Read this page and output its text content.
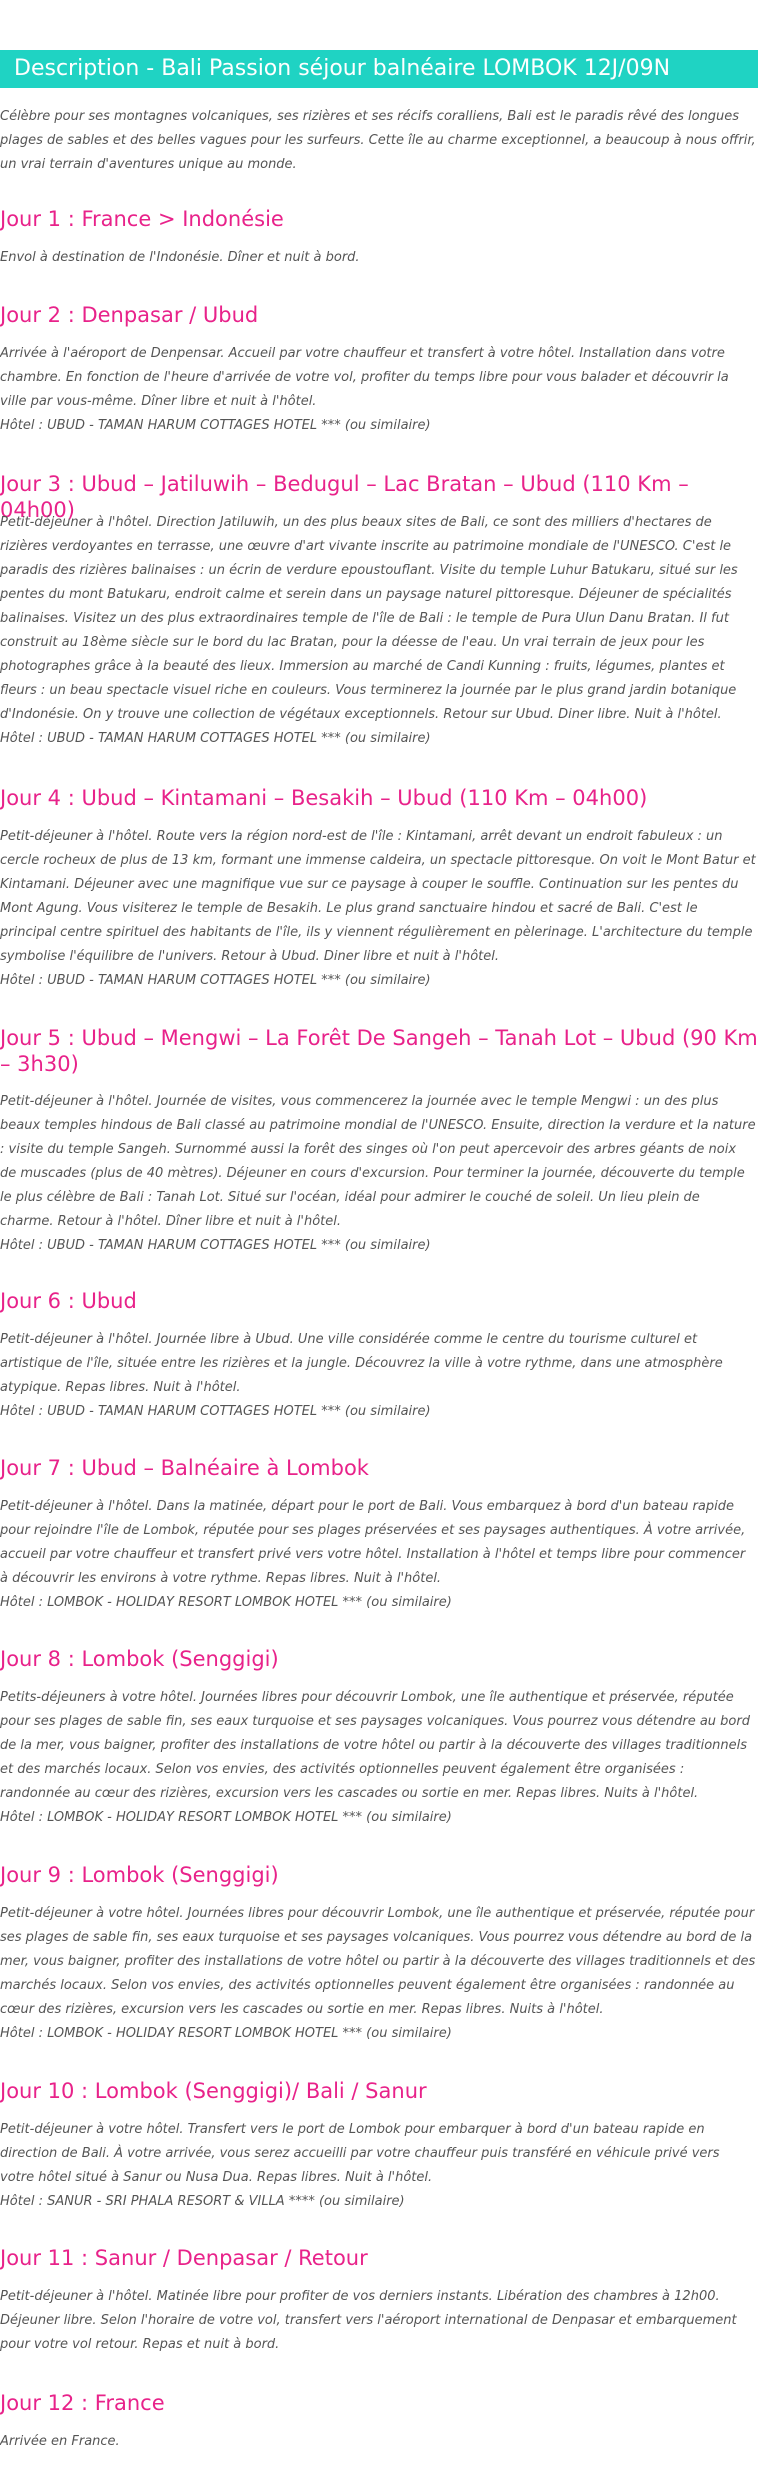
Description - Bali Passion séjour balnéaire LOMBOK 12J/09N

Célèbre pour ses montagnes volcaniques, ses rizières et ses récifs coralliens, Bali est le paradis rêvé des longues plages de sables et des belles vagues pour les surfeurs. Cette île au charme exceptionnel, a beaucoup à nous offrir, un vrai terrain d'aventures unique au monde.

Jour 1 : France > Indonésie

Envol à destination de l'Indonésie. Dîner et nuit à bord.

Jour 2 : Denpasar / Ubud

Arrivée à l'aéroport de Denpensar. Accueil par votre chauffeur et transfert à votre hôtel. Installation dans votre chambre. En fonction de l'heure d'arrivée de votre vol, profiter du temps libre pour vous balader et découvrir la ville par vous-même. Dîner libre et nuit à l'hôtel.
Hôtel : UBUD - TAMAN HARUM COTTAGES HOTEL *** (ou similaire)

Jour 3 : Ubud – Jatiluwih – Bedugul – Lac Bratan – Ubud (110 Km – 04h00)

Petit-déjeuner à l'hôtel. Direction Jatiluwih, un des plus beaux sites de Bali, ce sont des milliers d'hectares de rizières verdoyantes en terrasse, une œuvre d'art vivante inscrite au patrimoine mondiale de l'UNESCO. C'est le paradis des rizières balinaises : un écrin de verdure epoustouflant. Visite du temple Luhur Batukaru, situé sur les pentes du mont Batukaru, endroit calme et serein dans un paysage naturel pittoresque. Déjeuner de spécialités balinaises. Visitez un des plus extraordinaires temple de l'île de Bali : le temple de Pura Ulun Danu Bratan. Il fut construit au 18ème siècle sur le bord du lac Bratan, pour la déesse de l'eau. Un vrai terrain de jeux pour les photographes grâce à la beauté des lieux. Immersion au marché de Candi Kunning : fruits, légumes, plantes et fleurs : un beau spectacle visuel riche en couleurs. Vous terminerez la journée par le plus grand jardin botanique d'Indonésie. On y trouve une collection de végétaux exceptionnels. Retour sur Ubud. Diner libre. Nuit à l'hôtel.
Hôtel : UBUD - TAMAN HARUM COTTAGES HOTEL *** (ou similaire)

Jour 4 : Ubud – Kintamani – Besakih – Ubud (110 Km – 04h00)

Petit-déjeuner à l'hôtel. Route vers la région nord-est de l'île : Kintamani, arrêt devant un endroit fabuleux : un cercle rocheux de plus de 13 km, formant une immense caldeira, un spectacle pittoresque. On voit le Mont Batur et Kintamani. Déjeuner avec une magnifique vue sur ce paysage à couper le souffle. Continuation sur les pentes du Mont Agung. Vous visiterez le temple de Besakih. Le plus grand sanctuaire hindou et sacré de Bali. C'est le principal centre spirituel des habitants de l'île, ils y viennent régulièrement en pèlerinage. L'architecture du temple symbolise l'équilibre de l'univers. Retour à Ubud. Diner libre et nuit à l'hôtel.
Hôtel : UBUD - TAMAN HARUM COTTAGES HOTEL *** (ou similaire)

Jour 5 : Ubud – Mengwi – La Forêt De Sangeh – Tanah Lot – Ubud (90 Km – 3h30)

Petit-déjeuner à l'hôtel. Journée de visites, vous commencerez la journée avec le temple Mengwi : un des plus beaux temples hindous de Bali classé au patrimoine mondial de l'UNESCO. Ensuite, direction la verdure et la nature : visite du temple Sangeh. Surnommé aussi la forêt des singes où l'on peut apercevoir des arbres géants de noix de muscades (plus de 40 mètres). Déjeuner en cours d'excursion. Pour terminer la journée, découverte du temple le plus célèbre de Bali : Tanah Lot. Situé sur l'océan, idéal pour admirer le couché de soleil. Un lieu plein de charme. Retour à l'hôtel. Dîner libre et nuit à l'hôtel.
Hôtel : UBUD - TAMAN HARUM COTTAGES HOTEL *** (ou similaire)

Jour 6 : Ubud

Petit-déjeuner à l'hôtel. Journée libre à Ubud. Une ville considérée comme le centre du tourisme culturel et artistique de l'île, située entre les rizières et la jungle. Découvrez la ville à votre rythme, dans une atmosphère atypique. Repas libres. Nuit à l'hôtel.
Hôtel : UBUD - TAMAN HARUM COTTAGES HOTEL *** (ou similaire)

Jour 7 : Ubud – Balnéaire à Lombok

Petit-déjeuner à l'hôtel. Dans la matinée, départ pour le port de Bali. Vous embarquez à bord d'un bateau rapide pour rejoindre l'île de Lombok, réputée pour ses plages préservées et ses paysages authentiques. À votre arrivée, accueil par votre chauffeur et transfert privé vers votre hôtel. Installation à l'hôtel et temps libre pour commencer à découvrir les environs à votre rythme. Repas libres. Nuit à l'hôtel.
Hôtel : LOMBOK - HOLIDAY RESORT LOMBOK HOTEL *** (ou similaire)

Jour 8 : Lombok (Senggigi)

Petits-déjeuners à votre hôtel. Journées libres pour découvrir Lombok, une île authentique et préservée, réputée pour ses plages de sable fin, ses eaux turquoise et ses paysages volcaniques. Vous pourrez vous détendre au bord de la mer, vous baigner, profiter des installations de votre hôtel ou partir à la découverte des villages traditionnels et des marchés locaux. Selon vos envies, des activités optionnelles peuvent également être organisées : randonnée au cœur des rizières, excursion vers les cascades ou sortie en mer. Repas libres. Nuits à l'hôtel.
Hôtel : LOMBOK - HOLIDAY RESORT LOMBOK HOTEL *** (ou similaire)

Jour 9 : Lombok (Senggigi)

Petit-déjeuner à votre hôtel. Journées libres pour découvrir Lombok, une île authentique et préservée, réputée pour ses plages de sable fin, ses eaux turquoise et ses paysages volcaniques. Vous pourrez vous détendre au bord de la mer, vous baigner, profiter des installations de votre hôtel ou partir à la découverte des villages traditionnels et des marchés locaux. Selon vos envies, des activités optionnelles peuvent également être organisées : randonnée au cœur des rizières, excursion vers les cascades ou sortie en mer. Repas libres. Nuits à l'hôtel.
Hôtel : LOMBOK - HOLIDAY RESORT LOMBOK HOTEL *** (ou similaire)

Jour 10 : Lombok (Senggigi)/ Bali / Sanur

Petit-déjeuner à votre hôtel. Transfert vers le port de Lombok pour embarquer à bord d'un bateau rapide en direction de Bali. À votre arrivée, vous serez accueilli par votre chauffeur puis transféré en véhicule privé vers votre hôtel situé à Sanur ou Nusa Dua. Repas libres. Nuit à l'hôtel.
Hôtel : SANUR - SRI PHALA RESORT & VILLA **** (ou similaire)

Jour 11 : Sanur / Denpasar / Retour

Petit-déjeuner à l'hôtel. Matinée libre pour profiter de vos derniers instants. Libération des chambres à 12h00. Déjeuner libre. Selon l'horaire de votre vol, transfert vers l'aéroport international de Denpasar et embarquement pour votre vol retour. Repas et nuit à bord.

Jour 12 : France

Arrivée en France.
